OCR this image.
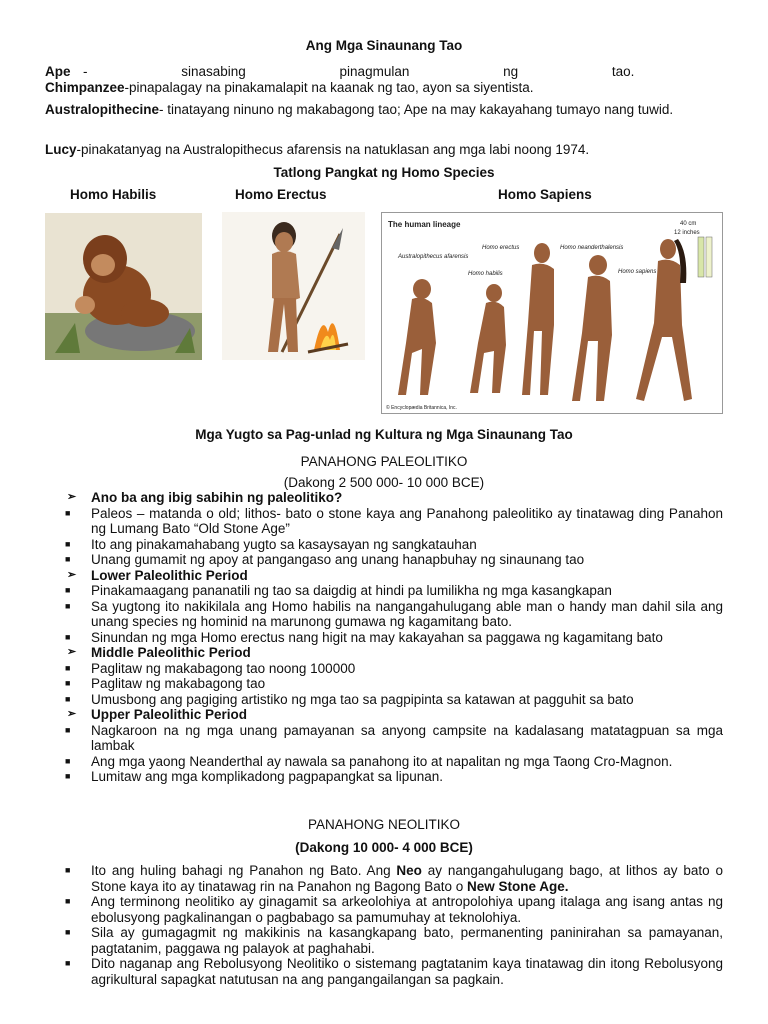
Ang Mga Sinaunang Tao
Ape - sinasabing pinagmulan ng tao.
Chimpanzee-pinapalagay na pinakamalapit na kaanak ng tao, ayon sa siyentista.
Australopithecine- tinatayang ninuno ng makabagong tao; Ape na may kakayahang tumayo nang tuwid.
Lucy-pinakatanyag na Australopithecus afarensis na natuklasan ang mga labi noong 1974.
Tatlong Pangkat ng Homo Species
Homo Habilis	Homo Erectus	Homo Sapiens
The human lineage	40 cm
12 inches
Australopithecus afarensis
Homo habilis
Homo erectus	Homo neanderthalensis
Homo sapiens
© Encyclopædia Britannica, Inc.
Mga Yugto sa Pag-unlad ng Kultura ng Mga Sinaunang Tao
PANAHONG PALEOLITIKO
(Dakong 2 500 000- 10 000 BCE)
➢ Ano ba ang ibig sabihin ng paleolitiko?
■ Paleos – matanda o old; lithos- bato o stone kaya ang Panahong paleolitiko ay tinatawag ding Panahon ng Lumang Bato “Old Stone Age”
■ Ito ang pinakamahabang yugto sa kasaysayan ng sangkatauhan
■ Unang gumamit ng apoy at pangangaso ang unang hanapbuhay ng sinaunang tao
➢ Lower Paleolithic Period
■ Pinakamaagang pananatili ng tao sa daigdig at hindi pa lumilikha ng mga kasangkapan
■ Sa yugtong ito nakikilala ang Homo habilis na nangangahulugang able man o handy man dahil sila ang unang species ng hominid na marunong gumawa ng kagamitang bato.
■ Sinundan ng mga Homo erectus nang higit na may kakayahan sa paggawa ng kagamitang bato
➢ Middle Paleolithic Period
■ Paglitaw ng makabagong tao noong 100000
■ Paglitaw ng makabagong tao
■ Umusbong ang pagiging artistiko ng mga tao sa pagpipinta sa katawan at pagguhit sa bato
➢ Upper Paleolithic Period
■ Nagkaroon na ng mga unang pamayanan sa anyong campsite na kadalasang matatagpuan sa mga lambak
■ Ang mga yaong Neanderthal ay nawala sa panahong ito at napalitan ng mga Taong Cro-Magnon.
■ Lumitaw ang mga komplikadong pagpapangkat sa lipunan.
PANAHONG NEOLITIKO
(Dakong 10 000- 4 000 BCE)
■ Ito ang huling bahagi ng Panahon ng Bato. Ang Neo ay nangangahulugang bago, at lithos ay bato o Stone kaya ito ay tinatawag rin na Panahon ng Bagong Bato o New Stone Age.
■ Ang terminong neolitiko ay ginagamit sa arkeolohiya at antropolohiya upang italaga ang isang antas ng ebolusyong pagkalinangan o pagbabago sa pamumuhay at teknolohiya.
■ Sila ay gumagagmit ng makikinis na kasangkapang bato, permanenting paninirahan sa pamayanan, pagtatanim, paggawa ng palayok at paghahabi.
■ Dito naganap ang Rebolusyong Neolitiko o sistemang pagtatanim kaya tinatawag din itong Rebolusyong agrikultural sapagkat natutusan na ang pangangailangan sa pagkain.
